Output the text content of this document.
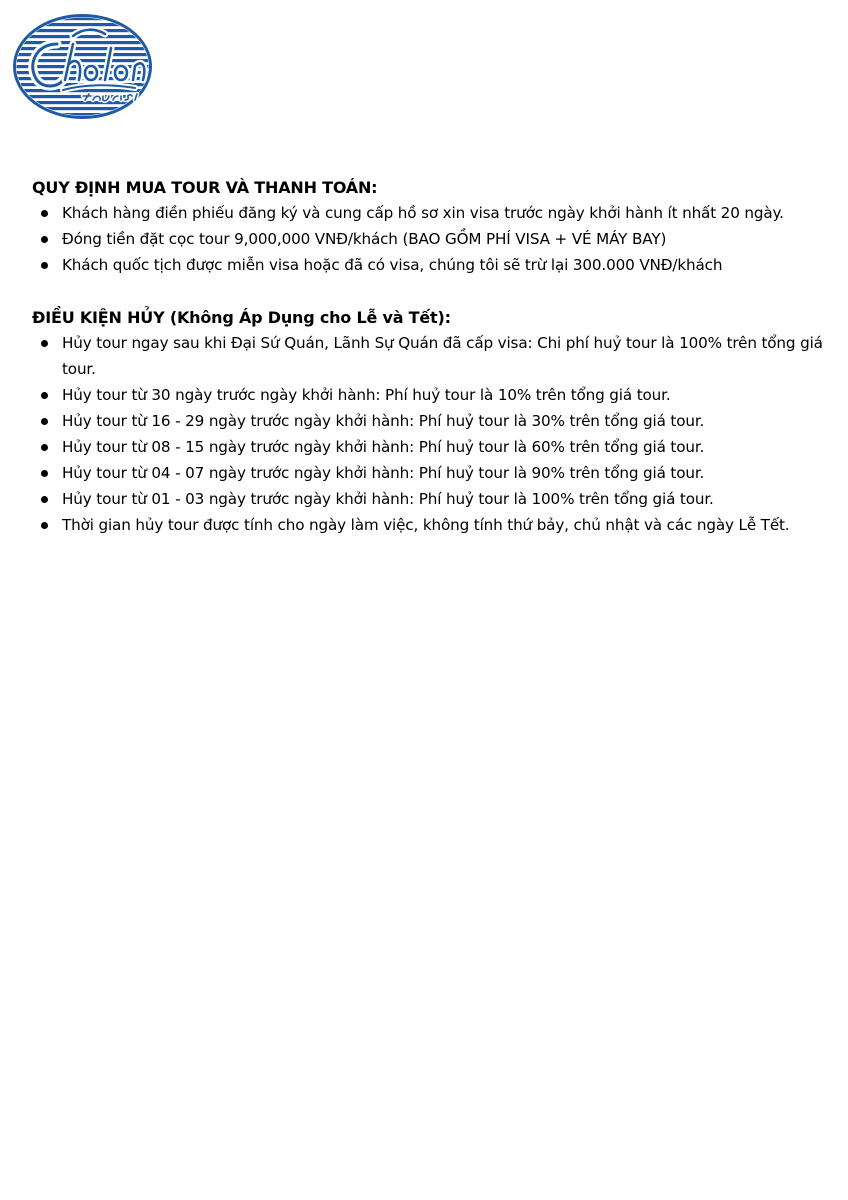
QUY ĐỊNH MUA TOUR VÀ THANH TOÁN:
Khách hàng điền phiếu đăng ký và cung cấp hồ sơ xin visa trước ngày khởi hành ít nhất 20 ngày.
Đóng tiền đặt cọc tour 9,000,000 VNĐ/khách (BAO GỒM PHÍ VISA + VÉ MÁY BAY)
Khách quốc tịch được miễn visa hoặc đã có visa, chúng tôi sẽ trừ lại 300.000 VNĐ/khách
ĐIỀU KIỆN HỦY (Không Áp Dụng cho Lễ và Tết):
Hủy tour ngay sau khi Đại Sứ Quán, Lãnh Sự Quán đã cấp visa: Chi phí huỷ tour là 100% trên tổng giá tour.
Hủy tour từ 30 ngày trước ngày khởi hành: Phí huỷ tour là 10% trên tổng giá tour.
Hủy tour từ 16 - 29 ngày trước ngày khởi hành: Phí huỷ tour là 30% trên tổng giá tour.
Hủy tour từ 08 - 15 ngày trước ngày khởi hành: Phí huỷ tour là 60% trên tổng giá tour.
Hủy tour từ 04 - 07 ngày trước ngày khởi hành: Phí huỷ tour là 90% trên tổng giá tour.
Hủy tour từ 01 - 03 ngày trước ngày khởi hành: Phí huỷ tour là 100% trên tổng giá tour.
Thời gian hủy tour được tính cho ngày làm việc, không tính thứ bảy, chủ nhật và các ngày Lễ Tết.
